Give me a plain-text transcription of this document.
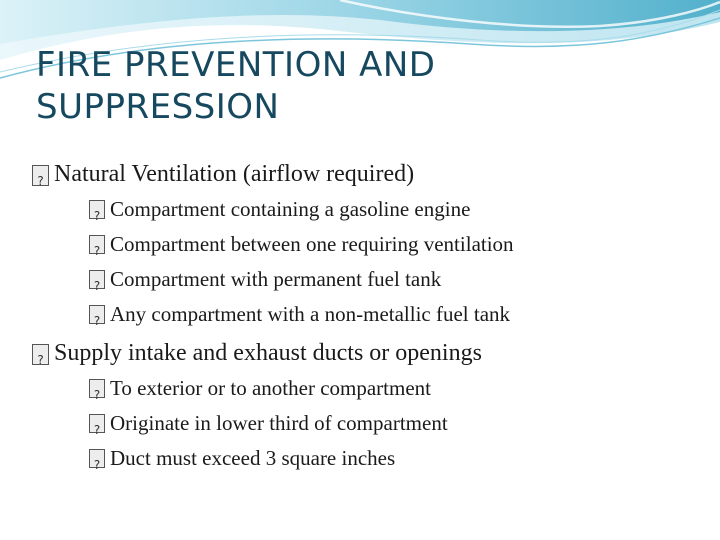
FIRE PREVENTION AND
SUPPRESSION
?
Natural Ventilation (airflow required)
?
Compartment containing a gasoline engine
?
Compartment between one requiring ventilation
?
Compartment with permanent fuel tank
?
Any compartment with a non-metallic fuel tank
?
Supply intake and exhaust ducts or openings
?
To exterior or to another compartment
?
Originate in lower third of compartment
?
Duct must exceed 3 square inches
